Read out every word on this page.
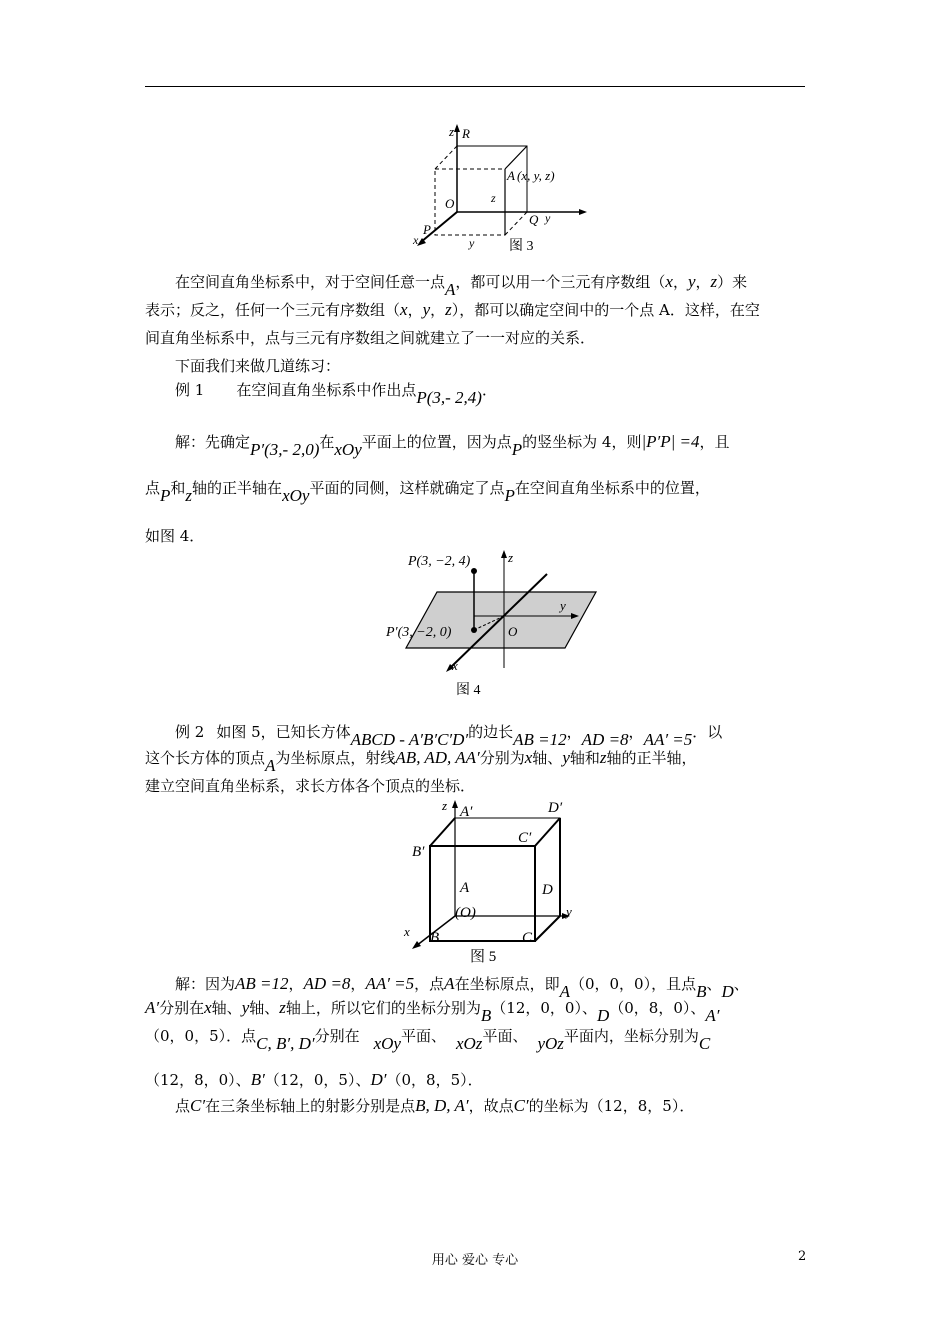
z R
A (x, y, z)
O	z
P
x
Q y
y 图 3
在空间直角坐标系中，对于空间任意一点A，都可以用一个三元有序数组（x，y，z）来
表示；反之，任何一个三元有序数组（x，y，z），都可以确定空间中的一个点 A．这样，在空
间直角坐标系中，点与三元有序数组之间就建立了一一对应的关系．
下面我们来做几道练习：
例 1 在空间直角坐标系中作出点P(3,- 2,4)．
解：先确定P′(3,- 2,0)在xOy平面上的位置，因为点P的竖坐标为 4，则|P′P| =4，且
点P和z轴的正半轴在xOy平面的同侧，这样就确定了点P在空间直角坐标系中的位置，
如图 4．
P(3, −2, 4)	z
y
P′(3, −2, 0)	O
x
图 4
例 2 如图 5，已知长方体ABCD - A′B′C′D′的边长AB =12，AD =8，AA′ =5．以
这个长方体的顶点A为坐标原点，射线AB, AD, AA′分别为x轴、y轴和z轴的正半轴，
建立空间直角坐标系，求长方体各个顶点的坐标．
z A′	D′
C′
B′
A	D
(O)	y
x B	C
图 5
解：因为AB =12，AD =8，AA′ =5，点A在坐标原点，即A（0，0，0），且点B、D、
A′分别在x轴、y轴、z轴上，所以它们的坐标分别为B（12，0，0）、D（0，8，0）、A′
（0，0，5）．点C, B′, D′分别在 xOy平面、 xOz平面、 yOz平面内，坐标分别为C
（12，8，0）、B′（12，0，5）、D′（0，8，5）．
点C′在三条坐标轴上的射影分别是点B, D, A′，故点C′的坐标为（12，8，5）．
用心 爱心 专心	2
